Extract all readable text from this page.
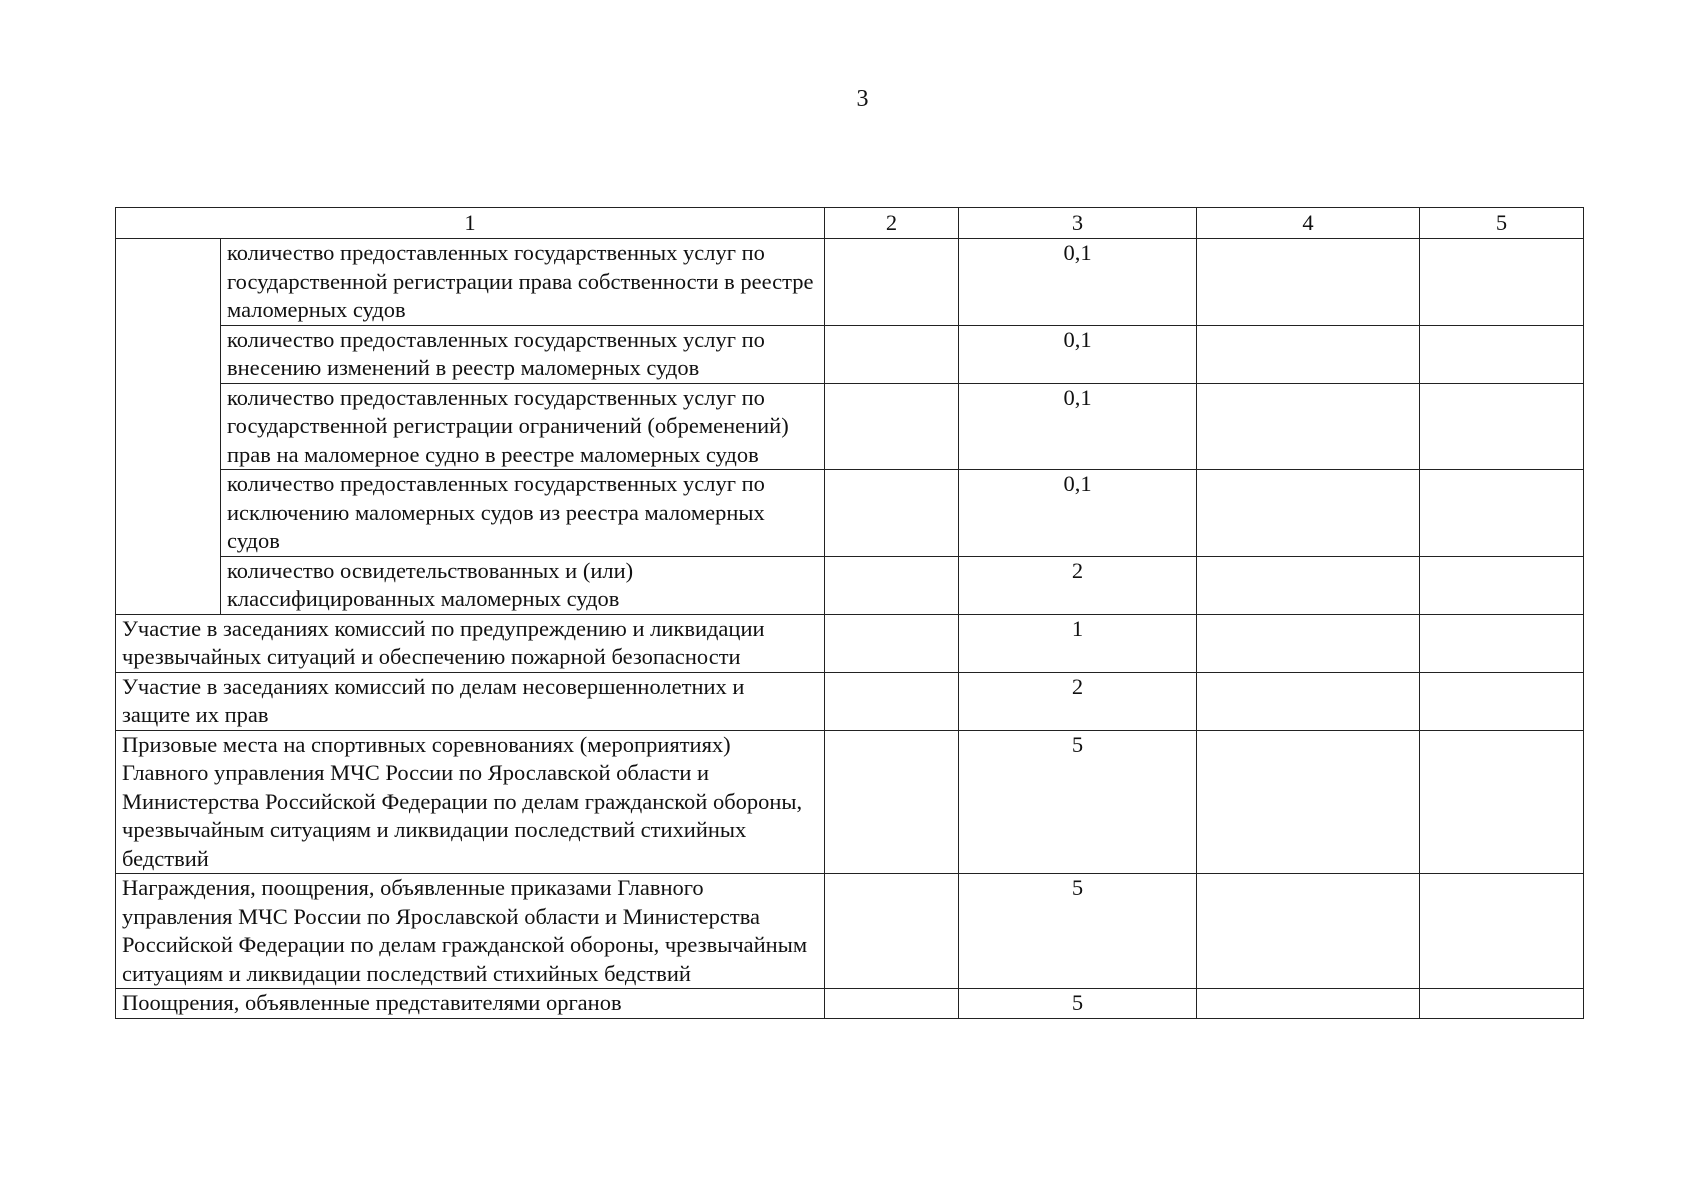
3
1		2	3	4	5
	количество предоставленных государственных услуг по государственной регистрации права собственности в реестре маломерных судов		0,1		
	количество предоставленных государственных услуг по внесению изменений в реестр маломерных судов		0,1		
	количество предоставленных государственных услуг по государственной регистрации ограничений (обременений) прав на маломерное судно в реестре маломерных судов		0,1		
	количество предоставленных государственных услуг по исключению маломерных судов из реестра маломерных судов		0,1		
	количество освидетельствованных и (или) классифицированных маломерных судов		2		
Участие в заседаниях комиссий по предупреждению и ликвидации чрезвычайных ситуаций и обеспечению пожарной безопасности			1		
Участие в заседаниях комиссий по делам несовершеннолетних и защите их прав			2		
Призовые места на спортивных соревнованиях (мероприятиях) Главного управления МЧС России по Ярославской области и Министерства Российской Федерации по делам гражданской обороны, чрезвычайным ситуациям и ликвидации последствий стихийных бедствий			5		
Награждения, поощрения, объявленные приказами Главного управления МЧС России по Ярославской области и Министерства Российской Федерации по делам гражданской обороны, чрезвычайным ситуациям и ликвидации последствий стихийных бедствий			5		
Поощрения, объявленные представителями органов			5		
